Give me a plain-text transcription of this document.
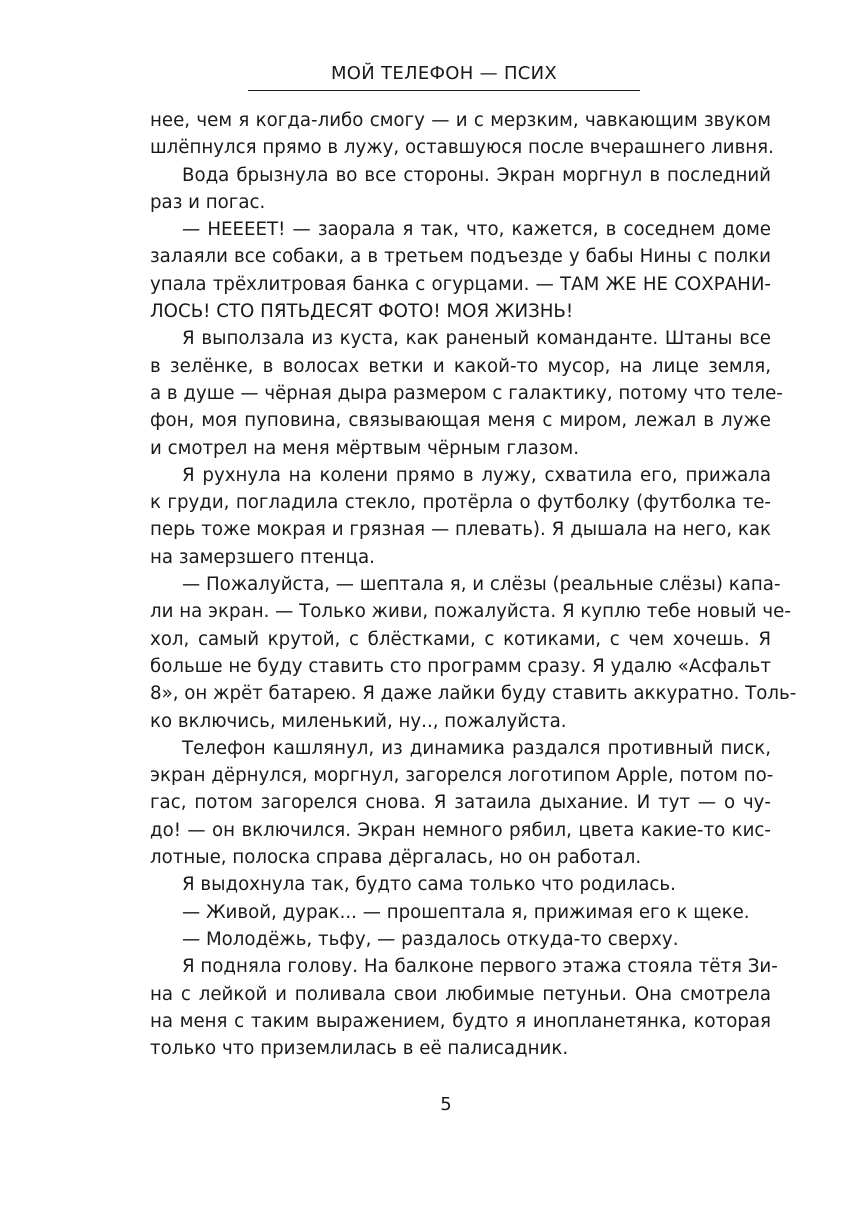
МОЙ ТЕЛЕФОН — ПСИХ

нее, чем я когда-либо смогу — и с мерзким, чавкающим звуком
шлёпнулся прямо в лужу, оставшуюся после вчерашнего ливня.

Вода брызнула во все стороны. Экран моргнул в последний
раз и погас.

— НЕЕЕЕТ! — заорала я так, что, кажется, в соседнем доме
залаяли все собаки, а в третьем подъезде у бабы Нины с полки
упала трёхлитровая банка с огурцами. — ТАМ ЖЕ НЕ СОХРАНИ-
ЛОСЬ! СТО ПЯТЬДЕСЯТ ФОТО! МОЯ ЖИЗНЬ!

Я выползала из куста, как раненый команданте. Штаны все
в зелёнке, в волосах ветки и какой-то мусор, на лице земля,
а в душе — чёрная дыра размером с галактику, потому что теле-
фон, моя пуповина, связывающая меня с миром, лежал в луже
и смотрел на меня мёртвым чёрным глазом.

Я рухнула на колени прямо в лужу, схватила его, прижала
к груди, погладила стекло, протёрла о футболку (футболка те-
перь тоже мокрая и грязная — плевать). Я дышала на него, как
на замерзшего птенца.

— Пожалуйста, — шептала я, и слёзы (реальные слёзы) капа-
ли на экран. — Только живи, пожалуйста. Я куплю тебе новый че-
хол, самый крутой, с блёстками, с котиками, с чем хочешь. Я
больше не буду ставить сто программ сразу. Я удалю «Асфальт
8», он жрёт батарею. Я даже лайки буду ставить аккуратно. Толь-
ко включись, миленький, ну.., пожалуйста.

Телефон кашлянул, из динамика раздался противный писк,
экран дёрнулся, моргнул, загорелся логотипом Apple, потом по-
гас, потом загорелся снова. Я затаила дыхание. И тут — о чу-
до! — он включился. Экран немного рябил, цвета какие-то кис-
лотные, полоска справа дёргалась, но он работал.

Я выдохнула так, будто сама только что родилась.

— Живой, дурак... — прошептала я, прижимая его к щеке.

— Молодёжь, тьфу, — раздалось откуда-то сверху.

Я подняла голову. На балконе первого этажа стояла тётя Зи-
на с лейкой и поливала свои любимые петуньи. Она смотрела
на меня с таким выражением, будто я инопланетянка, которая
только что приземлилась в её палисадник.

5
